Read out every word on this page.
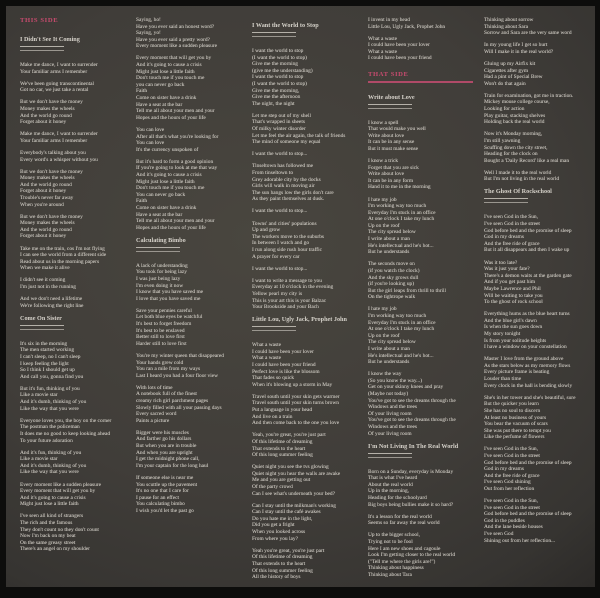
THIS SIDE
I Didn't See It Coming
Make me dance, I want to surrender
Your familiar arms I remember
We've been going transcontinental
Got no car, we just take a rental
But we don't have the money
Money makes the wheels
And the world go round
Forget about it honey
Make me dance, I want to surrender
Your familiar arms I remember
Everybody's talking about you
Every word's a whisper without you
But we don't have the money
Money makes the wheels
And the world go round
Forget about it honey
Trouble's never far away
When you're around
But we don't have the money
Money makes the wheels
And the world go round
Forget about it honey
Take me on the train, cos I'm not flying
I can see the world from a different side
Read about us in the morning papers
When we make it alive
I didn't see it coming
I'm just not in the running
And we don't need a lifetime
We're following the right line
Come On Sister
It's six in the morning
The men started working
I can't sleep, no I can't sleep
I keep feeling the light
So I think I should get up
And call you, gonna find you
But it's fun, thinking of you
Like a movie star
And it's dumb, thinking of you
Like the way that you were
Everyone loves you, the boy on the corner
The postman the policeman
It does me no good to keep looking ahead
To your future adoration
And it's fun, thinking of you
Like a movie star
And it's dumb, thinking of you
Like the way that you were
Every moment like a sudden pleasure
Every moment that will get you by
And it's going to cause a crisis
Might just lose a little faith
I've seen all kind of strangers
The rich and the famous
They don't count no they don't count
Now I'm back on my beat
On the same greasy street
There's an angel on my shoulder
Saying, ho!
Have you ever said an honest word?
Saying, yo!
Have you ever said a pretty word?
Every moment like a sudden pleasure
Every moment that will get you by
And it's going to cause a crisis
Might just lose a little faith
Don't touch me if you touch me
you can never go back
Faith
Come on sister have a drink
Have a seat at the bar
Tell me all about your men and your
Hopes and the hours of your life
You can love
After all that's what you're looking for
You can love
It's the currency unspoken of
But it's hard to form a good opinion
If you're going to look at me that way
And it's going to cause a crisis
Might just lose a little faith
Don't touch me if you touch me
You can never go back
Faith
Come on sister have a drink
Have a seat at the bar
Tell me all about your men and your
Hopes and the hours of your life
Calculating Bimbo
A lack of understanding
You took for being lazy
I was just being lazy
I'm even doing it now
I know that you have saved me
I love that you have saved me
Save your pennies careful
Let both blue eyes be watchful
It's best to forget freedom
It's best to be enslaved
Better still to love first
Harder still to love first
You're my winter queen that disappeared
Your hands grew cold
You ran a mile from my ways
Last I heard you had a four floor view
With lots of time
A notebook full of the finest
creamy rich girl parchment pages
Slowly filled with all your passing days
Every sacred word
Paints a picture
Bigger were his muscles
And farther go his dollars
But when you are in trouble
And when you are upright
I get the midnight phone call,
I'm your captain for the long haul
If someone else is near me
You scuttle up the pavement
It's no one that I care for
I pause for an effect
You calculating bimbo
I wish you'd let the past go
I Want the World to Stop
I want the world to stop
(I want the world to stop)
Give me the morning
(give me the understanding)
I want the world to stop
(I want the world to stop)
Give me the morning,
Give me the afternoon
The night, the night
Let me step out of my shell
That's wrapped in sheets
Of milky winter disorder
Let me feel the air again, the talk of friends
The mind of someone my equal
I want the world to stop...
Tinseltown has followed me
From tinseltown to
Grey adorable city by the docks
Girls will walk in moving air
The sun hangs low the girls don't care
As they paint themselves at dusk.
I want the world to stop...
Towns' and cities' populations
Up and grow
The workers move to the suburbs
In between I watch and go
I run along side rush hour traffic
A prayer for every car
I want the world to stop...
I want to write a message to you
Everyday at 10 o'clock in the evening
Yellow pearl my city is
This is your art this is your Balzac
Your Brookside and your Bach
Little Lou, Ugly Jack, Prophet John
What a waste
I could have been your lover
What a waste
I could have been your friend
Perfect love is like the blossom
That fades so quick
When it's blowing up a storm in May
Travel south until your skin gets warmer
Travel south until your skin turns brown
Put a language in your head
And live on a train
And then come back to the one you love
Yeah, you're great, you're just part
Of this lifetime of dreaming
That extends to the heart
Of this long summer feeling
Quiet night you see the tvs glowing
Quiet night you hear the walls are awake
Me and you are getting out
Of the party crowd
Can I see what's underneath your bed?
Can I stay until the milkman's working
Can I stay until the café awakes
Do you hate me in the light,
Did you get a fright
When you looked across
From where you lay?
Yeah you're great, you're just part
Of this lifetime of dreaming
That extends to the heart
Of this long summer feeling
All the history of boys
I invent in my head
Little Lou, Ugly Jack, Prophet John
What a waste
I could have been your lover
What a waste
I could have been your friend
THAT SIDE
Write about Love
I know a spell
That would make you well
Write about love
It can be in any sense
But it must make sense
I know a trick
Forget that you are sick
Write about love
It can be in any form
Hand it to me in the morning
I hate my job
I'm working way too much
Everyday I'm stuck in an office
At one o'clock I take my lunch
Up on the roof
The city spread below
I write about a man
He's intellectual and he's hot...
But he understands
The seconds move on
(if you watch the clock)
And the sky grows dull
(if you're looking up)
But the girl leaps from thrill to thrill
On the tightrope walk
I hate my job
I'm working way too much
Everyday I'm stuck in an office
At one o'clock I take my lunch
Up on the roof
The city spread below
I write about a man
He's intellectual and he's hot...
But he understands
I know the way
(So you know the way...)
Get on your skinny knees and pray
(Maybe not today)
You've got to see the dreams through the
Windows and the trees
Of your living room
You've got to see the dreams through the
Windows and the trees
Of your living room
I'm Not Living In The Real World
Born on a Sunday, everyday is Monday
That is what I've heard
About the real world
Up in the morning,
Heading for the schoolyard
Big boys being bullies make it so hard?
It's a lesson for the real world
Seems so far away the real world
Up to the bigger school,
Trying not to be fool
Here I am new shoes and cagoule
Look I'm getting closer to the real world
("Tell me where the girls are!")
Thinking about happiness
Thinking about Tara
Thinking about sorrow
Thinking about Sara
Sorrow and Sara are the very same word
In my young life I get so hurt
Will I make it in the real world?
Gluing up my Airfix kit
Cigarettes after gym
Had a pint of Special Brew
Won't do that again
Train for examination, got me in traction.
Mickey mouse college course,
Looking for action
Play guitar, stacking shelves
Holding back the real world
Now it's Monday morning,
I'm still yawning
Scuffing down the city street,
Heading for the clock on
Bought a 'Daily Record' like a real man
Well I made it to the real world
But I'm not living in the real world
The Ghost Of Rockschool
I've seen God in the Sun,
I've seen God in the street
God before bed and the promise of sleep
God in my dreams
And the free ride of grace
But it all disappears and then I wake up
Was it too late?
Was it just your fate?
There's a demon waits at the garden gate
And if you get past him
Maybe Lawrence and Phil
Will be waiting to take you
To the ghost of rock school
Everything hums as the blue heart turns
And the blue girl's dawn
Is when the sun goes down
My story tonight
Is from your solitude heights
I have a window on your constellation
Master I love from the ground above
As the stars below as my memory flows
Every picture frame is beating
Louder than time
Every clock in the hall is bending slowly
She's in her tower and she's beautiful, sure
But the quicker you learn
She has no soul to discern
At least no business of yours
You bear the vacuum of scars
She was put there to tempt you
Like the perfume of flowers
I've seen God in the Sun,
I've seen God in the street
God before bed and the promise of sleep
God in my dreams
And the free ride of grace
I've seen God shining
Out from her reflection
I've seen God in the Sun,
I've seen God in the street
God before bed and the promise of sleep
God in the puddles
And the lane beside houses
I've seen God
Shining out from her reflection...
